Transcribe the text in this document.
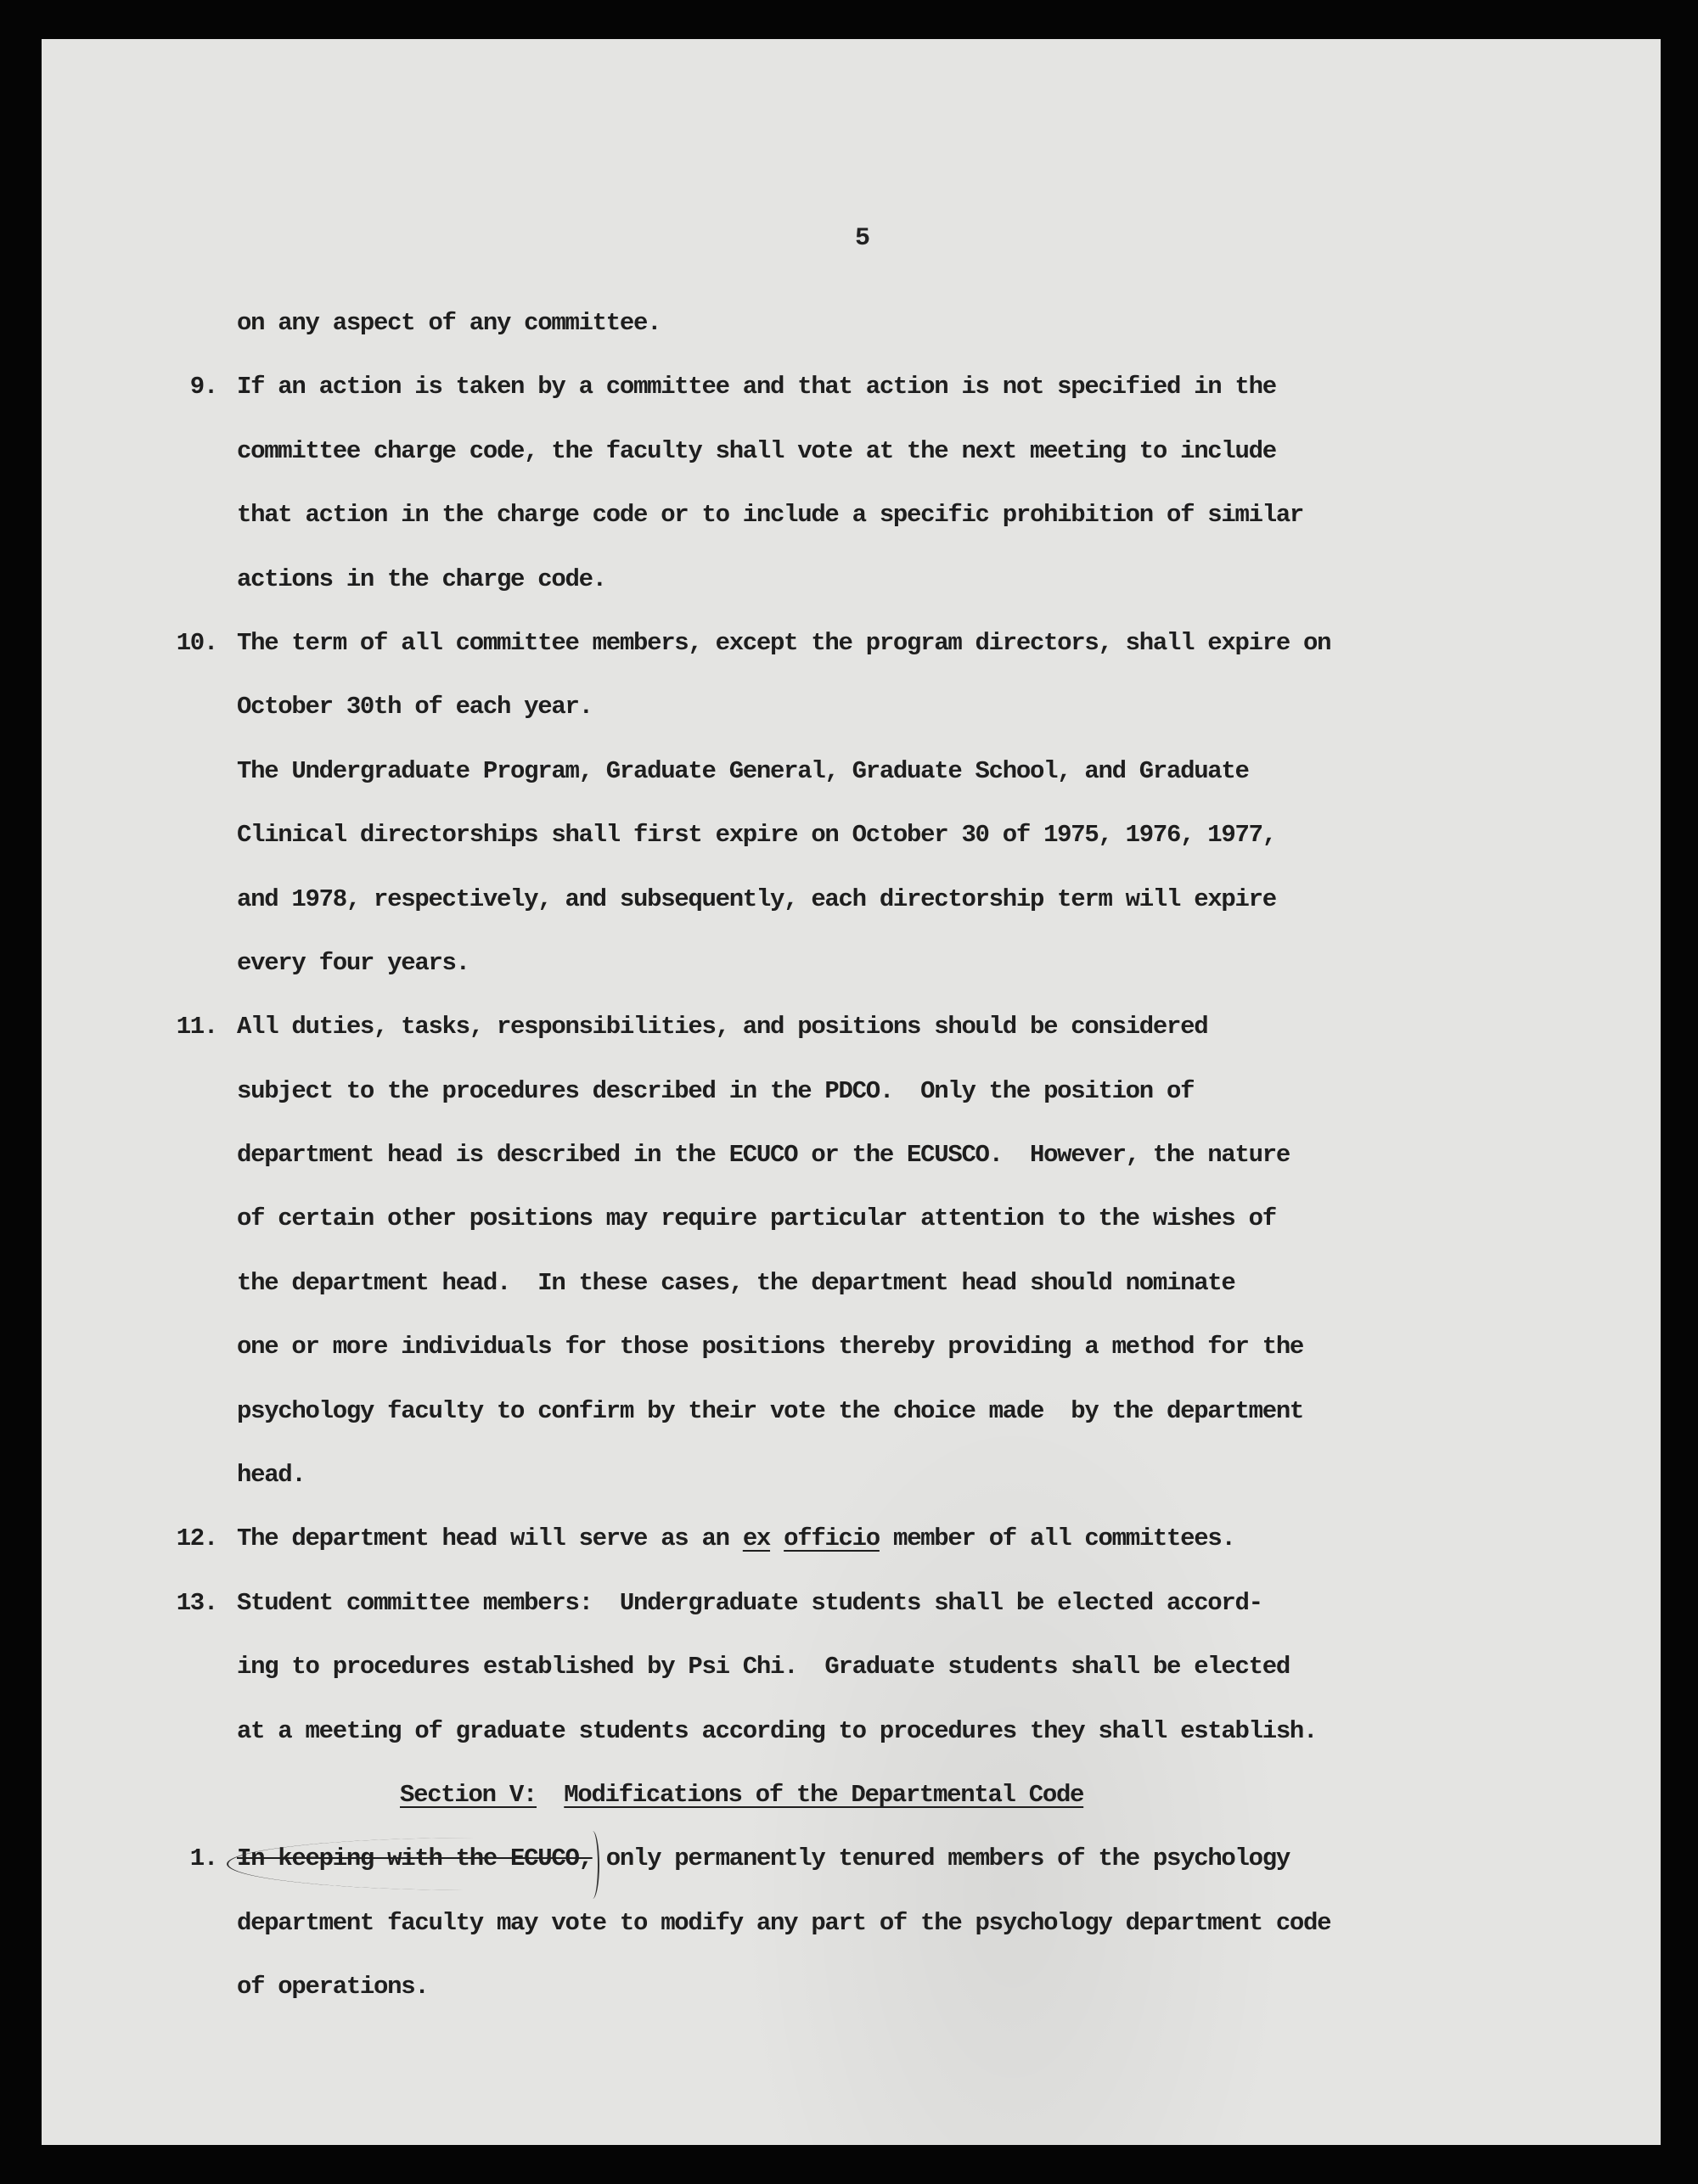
5
on any aspect of any committee.
9. If an action is taken by a committee and that action is not specified in the
committee charge code, the faculty shall vote at the next meeting to include
that action in the charge code or to include a specific prohibition of similar
actions in the charge code.
10. The term of all committee members, except the program directors, shall expire on
October 30th of each year.
The Undergraduate Program, Graduate General, Graduate School, and Graduate
Clinical directorships shall first expire on October 30 of 1975, 1976, 1977,
and 1978, respectively, and subsequently, each directorship term will expire
every four years.
11. All duties, tasks, responsibilities, and positions should be considered
subject to the procedures described in the PDCO.  Only the position of
department head is described in the ECUCO or the ECUSCO.  However, the nature
of certain other positions may require particular attention to the wishes of
the department head.  In these cases, the department head should nominate
one or more individuals for those positions thereby providing a method for the
psychology faculty to confirm by their vote the choice made  by the department
head.
12. The department head will serve as an ex officio member of all committees.
13. Student committee members:  Undergraduate students shall be elected accord-
ing to procedures established by Psi Chi.  Graduate students shall be elected
at a meeting of graduate students according to procedures they shall establish.
Section V: Modifications of the Departmental Code
1. In keeping with the ECUCO, only permanently tenured members of the psychology
department faculty may vote to modify any part of the psychology department code
of operations.
